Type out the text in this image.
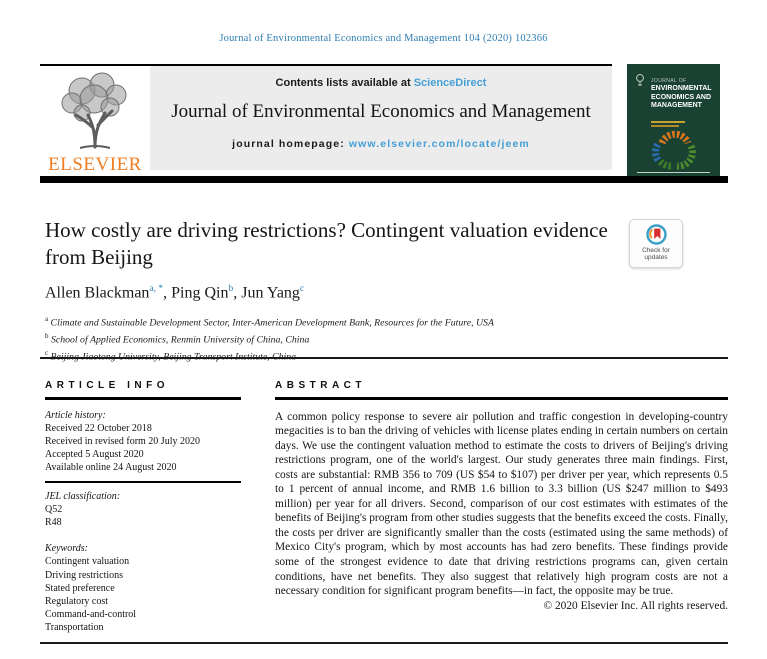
Journal of Environmental Economics and Management 104 (2020) 102366
ELSEVIER
Contents lists available at ScienceDirect
Journal of Environmental Economics and Management
journal homepage: www.elsevier.com/locate/jeem
JOURNAL OF
ENVIRONMENTAL ECONOMICS AND MANAGEMENT
How costly are driving restrictions? Contingent valuation evidence from Beijing	Check for updates
Allen Blackman$^{a, *}$, Ping Qin$^b$, Jun Yang$^c$
$^a$ Climate and Sustainable Development Sector, Inter-American Development Bank, Resources for the Future, USA
$^b$ School of Applied Economics, Renmin University of China, China
$^c$
ARTICLE INFO
Article history:
Received 22 October 2018
Received in revised form 20 July 2020
Accepted 5 August 2020
Available online 24 August 2020
JEL classification:
Q52
R48
Keywords:
Contingent valuation
Driving restrictions
Stated preference
Regulatory cost
Command-and-control
Transportation
ABSTRACT

A common policy response to severe air pollution and traffic congestion in developing-country megacities is to ban the driving of vehicles with license plates ending in certain numbers on certain days. We use the contingent valuation method to estimate the costs to drivers of Beijing's driving restrictions program, one of the world's largest. Our study generates three main findings. First, costs are substantial: RMB 356 to 709 (US $54 to $107) per driver per year, which represents 0.5 to 1 percent of annual income, and RMB 1.6 billion to 3.3 billion (US $247 million to $493 million) per year for all drivers. Second, comparison of our cost estimates with estimates of the benefits of Beijing's program from other studies suggests that the benefits exceed the costs. Finally, the costs per driver are significantly smaller than the costs (estimated using the same methods) of Mexico City's program, which by most accounts has had zero benefits. These findings provide some of the strongest evidence to date that driving restrictions programs can, given certain conditions, have net benefits. They also suggest that relatively high program costs are not a necessary condition for significant program benefits—in fact, the opposite may be true.

© 2020 Elsevier Inc. All rights reserved.
